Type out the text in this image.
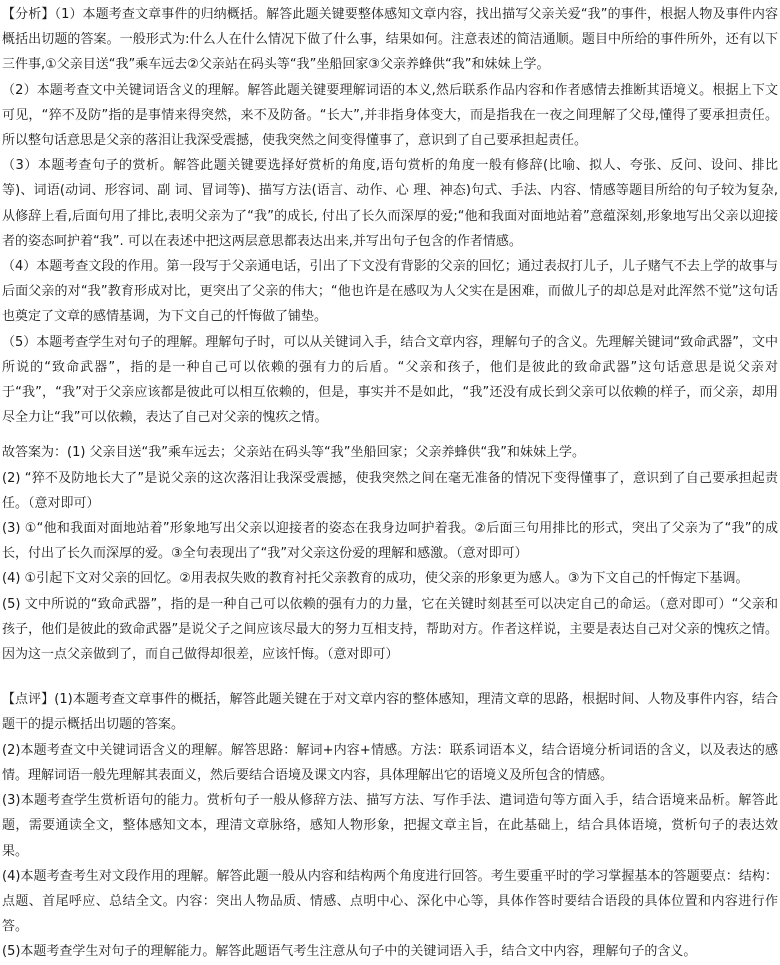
【分析】（1）本题考查文章事件的归纳概括。解答此题关键要整体感知文章内容，找出描写父亲关爱“我”的事件，根据人物及事件内容概括出切题的答案。一般形式为:什么人在什么情况下做了什么事，结果如何。注意表述的简洁通顺。题目中所给的事件所外，还有以下三件事,①父亲目送“我”乘车远去②父亲站在码头等“我”坐船回家③父亲养蜂供“我”和妹妹上学。

（2）本题考查文中关键词语含义的理解。解答此题关键要理解词语的本义,然后联系作品内容和作者感情去推断其语境义。根据上下文可见，“猝不及防”指的是事情来得突然，来不及防备。“长大”,并非指身体变大，而是指我在一夜之间理解了父母,懂得了要承担责任。所以整句话意思是父亲的落泪让我深受震撼，使我突然之间变得懂事了，意识到了自己要承担起责任。

（3）本题考查句子的赏析。解答此题关键要选择好赏析的角度,语句赏析的角度一般有修辞(比喻、拟人、夸张、反问、设问、排比等)、词语(动词、形容词、副 词、冒词等)、描写方法(语言、动作、心 理、神态)句式、手法、内容、情感等题目所给的句子较为复杂,从修辞上看,后面句用了排比,表明父亲为了“我”的成长, 付出了长久而深厚的爱;“他和我面对面地站着”意蕴深刻,形象地写出父亲以迎接者的姿态呵护着“我”. 可以在表述中把这两层意思都表达出来,并写出句子包含的作者情感。

（4）本题考查文段的作用。第一段写于父亲通电话，引出了下文没有背影的父亲的回忆；通过表叔打儿子，儿子赌气不去上学的故事与后面父亲的对“我”教育形成对比，更突出了父亲的伟大；“他也许是在感叹为人父实在是困难，而做儿子的却总是对此浑然不觉”这句话也奠定了文章的感情基调，为下文自己的忏悔做了铺垫。

（5）本题考查学生对句子的理解。理解句子时，可以从关键词入手，结合文章内容，理解句子的含义。先理解关键词“致命武器”，文中所说的“致命武器”，指的是一种自己可以依赖的强有力的后盾。“父亲和孩子，他们是彼此的致命武器”这句话意思是说父亲对于“我”，“我”对于父亲应该都是彼此可以相互依赖的，但是，事实并不是如此，“我”还没有成长到父亲可以依赖的样子，而父亲，却用尽全力让“我”可以依赖，表达了自己对父亲的愧疚之情。

故答案为：(1) 父亲目送“我”乘车远去；父亲站在码头等“我”坐船回家；父亲养蜂供“我”和妹妹上学。

(2) “猝不及防地长大了”是说父亲的这次落泪让我深受震撼，使我突然之间在毫无准备的情况下变得懂事了，意识到了自己要承担起责任。（意对即可）

(3) ①“他和我面对面地站着”形象地写出父亲以迎接者的姿态在我身边呵护着我。②后面三句用排比的形式，突出了父亲为了“我”的成长，付出了长久而深厚的爱。③全句表现出了“我”对父亲这份爱的理解和感激。（意对即可）

(4) ①引起下文对父亲的回忆。②用表叔失败的教育衬托父亲教育的成功，使父亲的形象更为感人。③为下文自己的忏悔定下基调。

(5) 文中所说的“致命武器”，指的是一种自己可以依赖的强有力的力量，它在关键时刻甚至可以决定自己的命运。（意对即可）“父亲和孩子，他们是彼此的致命武器”是说父子之间应该尽最大的努力互相支持，帮助对方。作者这样说，主要是表达自己对父亲的愧疚之情。因为这一点父亲做到了，而自己做得却很差，应该忏悔。（意对即可）

【点评】(1)本题考查文章事件的概括，解答此题关键在于对文章内容的整体感知，理清文章的思路，根据时间、人物及事件内容，结合题干的提示概括出切题的答案。

(2)本题考查文中关键词语含义的理解。解答思路：解词+内容+情感。方法：联系词语本义，结合语境分析词语的含义，以及表达的感情。理解词语一般先理解其表面义，然后要结合语境及课文内容，具体理解出它的语境义及所包含的情感。

(3)本题考查学生赏析语句的能力。赏析句子一般从修辞方法、描写方法、写作手法、遣词造句等方面入手，结合语境来品析。解答此题，需要通读全文，整体感知文本，理清文章脉络，感知人物形象，把握文章主旨，在此基础上，结合具体语境，赏析句子的表达效果。

(4)本题考查考生对文段作用的理解。解答此题一般从内容和结构两个角度进行回答。考生要重平时的学习掌握基本的答题要点：结构：点题、首尾呼应、总结全文。内容：突出人物品质、情感、点明中心、深化中心等，具体作答时要结合语段的具体位置和内容进行作答。

(5)本题考查学生对句子的理解能力。解答此题语气考生注意从句子中的关键词语入手，结合文中内容，理解句子的含义。
